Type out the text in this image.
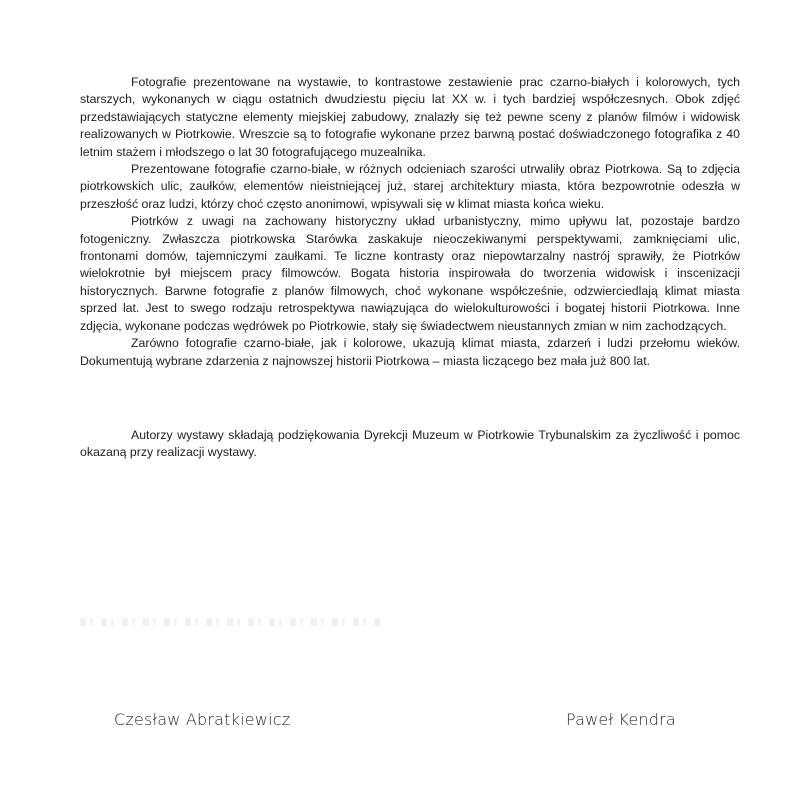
Fotografie prezentowane na wystawie, to kontrastowe zestawienie prac czarno-białych i kolorowych, tych starszych, wykonanych w ciągu ostatnich dwudziestu pięciu lat XX w. i tych bardziej współczesnych. Obok zdjęć przedstawiających statyczne elementy miejskiej zabudowy, znalazły się też pewne sceny z planów filmów i widowisk realizowanych w Piotrkowie. Wreszcie są to fotografie wykonane przez barwną postać doświadczonego fotografika z 40 letnim stażem i młodszego o lat 30 fotografującego muzealnika.

Prezentowane fotografie czarno-białe, w różnych odcieniach szarości utrwaliły obraz Piotrkowa. Są to zdjęcia piotrkowskich ulic, zaułków, elementów nieistniejącej już, starej architektury miasta, która bezpowrotnie odeszła w przeszłość oraz ludzi, którzy choć często anonimowi, wpisywali się w klimat miasta końca wieku.

Piotrków z uwagi na zachowany historyczny układ urbanistyczny, mimo upływu lat, pozostaje bardzo fotogeniczny. Zwłaszcza piotrkowska Starówka zaskakuje nieoczekiwanymi perspektywami, zamknięciami ulic, frontonami domów, tajemniczymi zaułkami. Te liczne kontrasty oraz niepowtarzalny nastrój sprawiły, że Piotrków wielokrotnie był miejscem pracy filmowców. Bogata historia inspirowała do tworzenia widowisk i inscenizacji historycznych. Barwne fotografie z planów filmowych, choć wykonane współcześnie, odzwierciedlają klimat miasta sprzed lat. Jest to swego rodzaju retrospektywa nawiązująca do wielokulturowości i bogatej historii Piotrkowa. Inne zdjęcia, wykonane podczas wędrówek po Piotrkowie, stały się świadectwem nieustannych zmian w nim zachodzących.

Zarówno fotografie czarno-białe, jak i kolorowe, ukazują klimat miasta, zdarzeń i ludzi przełomu wieków. Dokumentują wybrane zdarzenia z najnowszej historii Piotrkowa – miasta liczącego bez mała już 800 lat.

Autorzy wystawy składają podziękowania Dyrekcji Muzeum w Piotrkowie Trybunalskim za życzliwość i pomoc okazaną przy realizacji wystawy.

Czesław Abratkiewicz	Paweł Kendra
